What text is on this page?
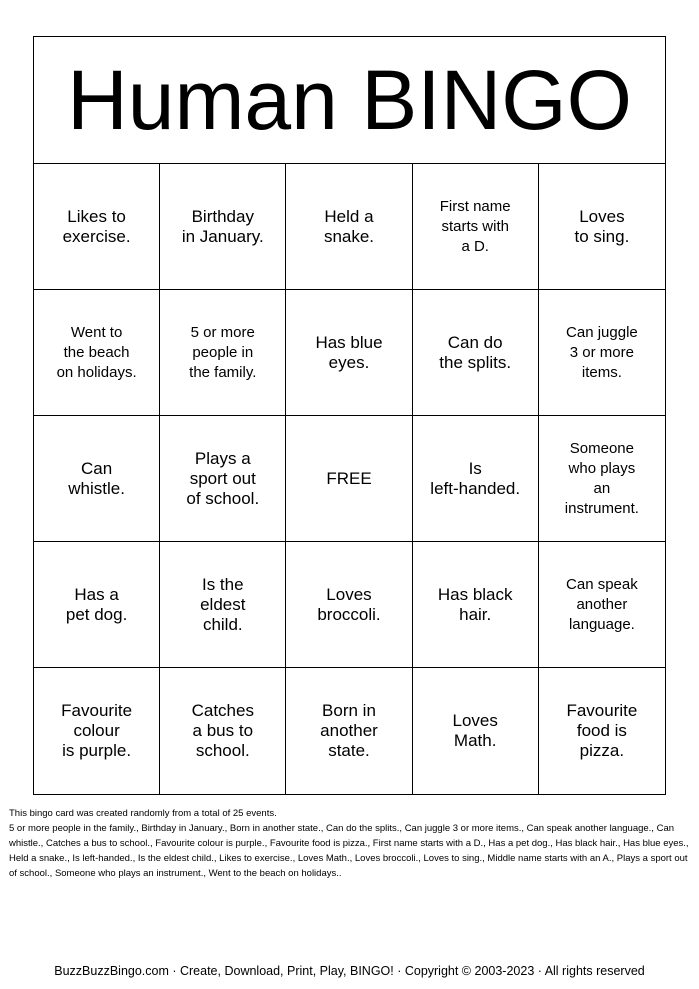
Human BINGO
Likes to
exercise.
Birthday
in January.
Held a
snake.
First name
starts with
a D.
Loves
to sing.
Went to
the beach
on holidays.
5 or more
people in
the family.
Has blue
eyes.
Can do
the splits.
Can juggle
3 or more
items.
Can
whistle.
Plays a
sport out
of school.
FREE
Is
left-handed.
Someone
who plays
an
instrument.
Has a
pet dog.
Is the
eldest
child.
Loves
broccoli.
Has black
hair.
Can speak
another
language.
Favourite
colour
is purple.
Catches
a bus to
school.
Born in
another
state.
Loves
Math.
Favourite
food is
pizza.

This bingo card was created randomly from a total of 25 events.

5 or more people in the family., Birthday in January., Born in another state., Can do the splits., Can juggle 3 or more items., Can speak another language., Can whistle., Catches a bus to school., Favourite colour is purple., Favourite food is pizza., First name starts with a D., Has a pet dog., Has black hair., Has blue eyes., Held a snake., Is left-handed., Is the eldest child., Likes to exercise., Loves Math., Loves broccoli., Loves to sing., Middle name starts with an A., Plays a sport out of school., Someone who plays an instrument., Went to the beach on holidays..

BuzzBuzzBingo.com · Create, Download, Print, Play, BINGO! · Copyright © 2003-2023 · All rights reserved
